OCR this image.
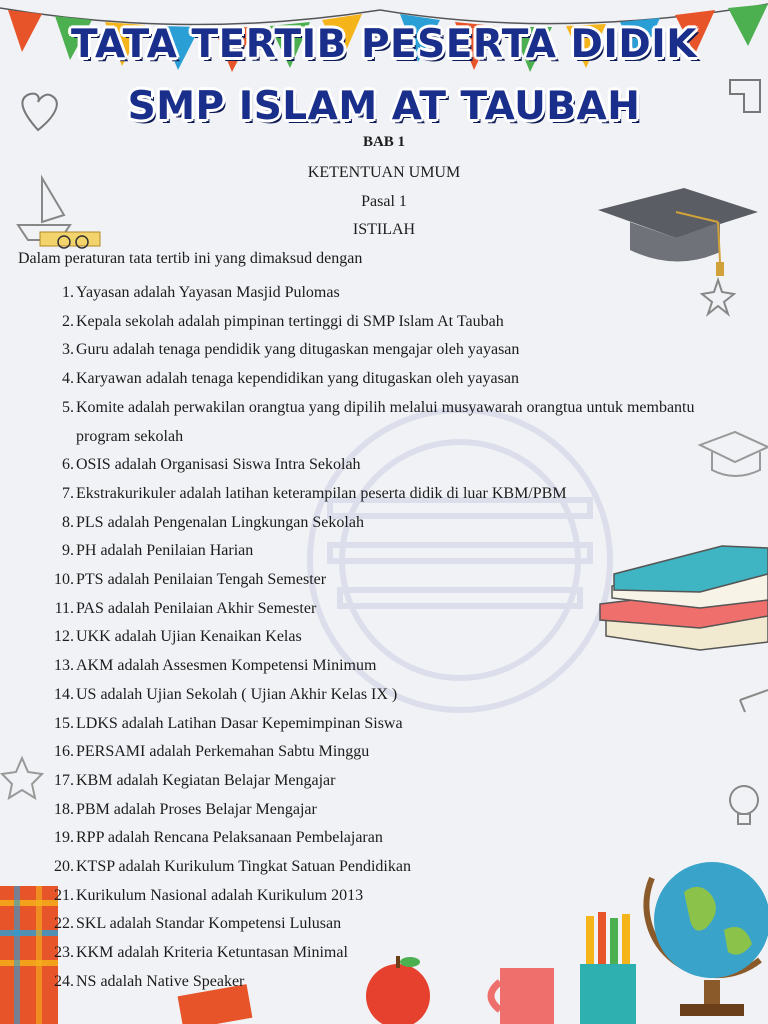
TATA TERTIB PESERTA DIDIK
SMP ISLAM AT TAUBAH
BAB 1
KETENTUAN UMUM
Pasal 1
ISTILAH
Dalam peraturan tata tertib ini yang dimaksud dengan
1. Yayasan adalah Yayasan Masjid Pulomas
2. Kepala sekolah adalah pimpinan tertinggi di SMP Islam At Taubah
3. Guru adalah tenaga pendidik yang ditugaskan mengajar oleh yayasan
4. Karyawan adalah tenaga kependidikan yang ditugaskan oleh yayasan
5. Komite adalah perwakilan orangtua yang dipilih melalui musyawarah orangtua untuk membantu program sekolah
6. OSIS adalah Organisasi Siswa Intra Sekolah
7. Ekstrakurikuler adalah latihan keterampilan peserta didik di luar KBM/PBM
8. PLS adalah Pengenalan Lingkungan Sekolah
9. PH adalah Penilaian Harian
10. PTS adalah Penilaian Tengah Semester
11. PAS adalah Penilaian Akhir Semester
12. UKK adalah Ujian Kenaikan Kelas
13. AKM adalah Assesmen Kompetensi Minimum
14. US adalah Ujian Sekolah ( Ujian Akhir Kelas IX )
15. LDKS adalah Latihan Dasar Kepemimpinan Siswa
16. PERSAMI adalah Perkemahan Sabtu Minggu
17. KBM adalah Kegiatan Belajar Mengajar
18. PBM adalah Proses Belajar Mengajar
19. RPP adalah Rencana Pelaksanaan Pembelajaran
20. KTSP adalah Kurikulum Tingkat Satuan Pendidikan
21. Kurikulum Nasional adalah Kurikulum 2013
22. SKL adalah Standar Kompetensi Lulusan
23. KKM adalah Kriteria Ketuntasan Minimal
24. NS adalah Native Speaker
